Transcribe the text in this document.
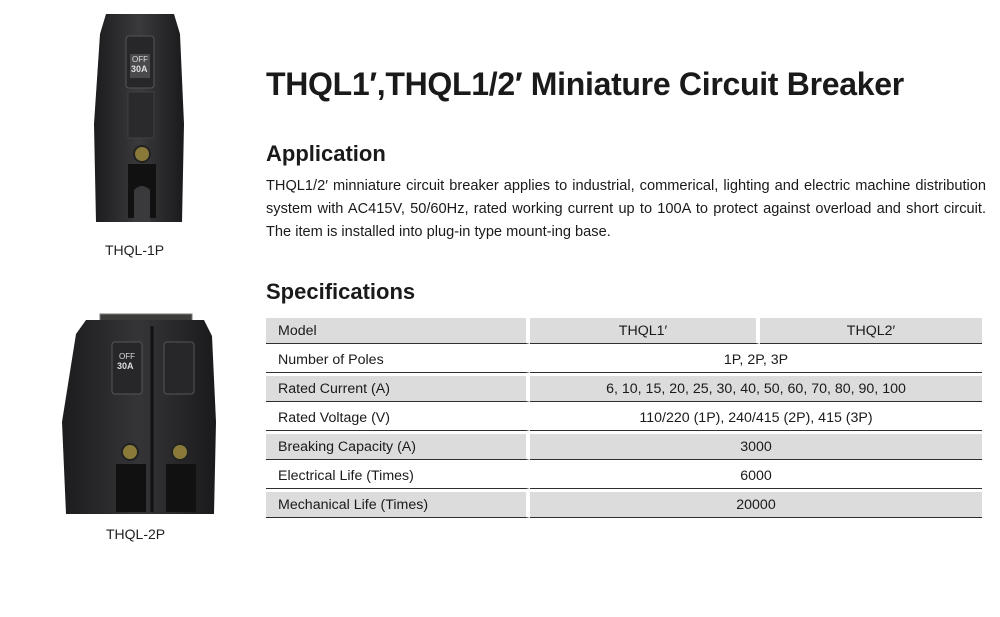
OFF
30A
THQL-1P
OFF
30A
THQL-2P
THQL1′,THQL1/2′ Miniature Circuit Breaker
Application
THQL1/2′ minniature circuit breaker applies to industrial, commerical, lighting and electric machine distribution system with AC415V, 50/60Hz, rated working current up to 100A to protect against overload and short circuit. The item is installed into plug-in type mount-ing base.
Specifications
Model	THQL1′	THQL2′
Number of Poles	1P, 2P, 3P	
Rated Current (A)	6, 10, 15, 20, 25, 30, 40, 50, 60, 70, 80, 90, 100	
Rated Voltage (V)	110/220 (1P), 240/415 (2P), 415 (3P)	
Breaking Capacity (A)	3000	
Electrical Life (Times)	6000	
Mechanical Life (Times)	20000	
